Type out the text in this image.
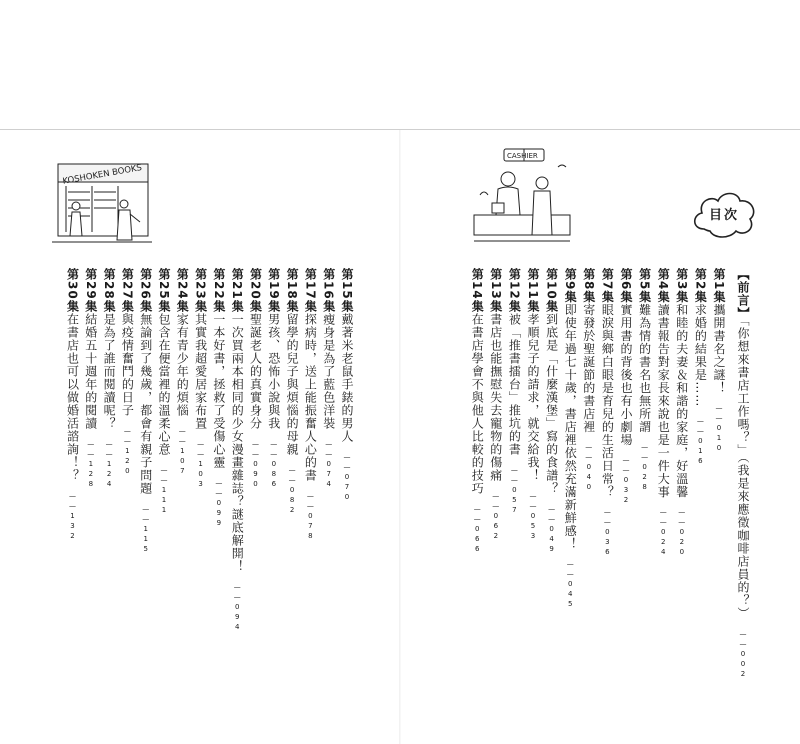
KOSHOKEN BOOKS
CASHIER
目次
【前言】「你想來書店工作嗎？」（我是來應徵咖啡店員的？）——002
第1集攜開書名之謎！——010
第2集求婚的結果是……——016
第3集和睦的夫妻＆和諧的家庭，好溫馨——020
第4集讀書報告對家長來說也是一件大事——024
第5集難為情的書名也無所謂——028
第6集實用書的背後也有小劇場——032
第7集眼淚與鄉白眼是育兒的生活日常？——036
第8集寄發於聖誕節的書店裡——040
第9集即使年過七十歲，書店裡依然充滿新鮮感！——045
第10集到底是「什麼漢堡」寫的食譜？——049
第11集孝順兒子的請求，就交給我！——053
第12集被「推書擂台」推坑的書——057
第13集書店也能撫慰失去寵物的傷痛——062
第14集在書店學會不與他人比較的技巧——066
第15集戴著米老鼠手錶的男人——070
第16集瘦身是為了藍色洋裝——074
第17集探病時，送上能振奮人心的書——078
第18集留學的兒子與煩惱的母親——082
第19集男孩、恐怖小說與我——086
第20集聖誕老人的真實身分——090
第21集一次買兩本相同的少女漫畫雜誌？謎底解開！——094
第22集一本好書，拯救了受傷心靈——099
第23集其實我超愛居家布置——103
第24集家有青少年的煩惱——107
第25集包含在便當裡的溫柔心意——111
第26集無論到了幾歲，都會有親子問題——115
第27集與疫情奮鬥的日子——120
第28集是為了誰而閱讀呢？——124
第29集結婚五十週年的閱讀——128
第30集在書店也可以做婚活諮詢！？——132
